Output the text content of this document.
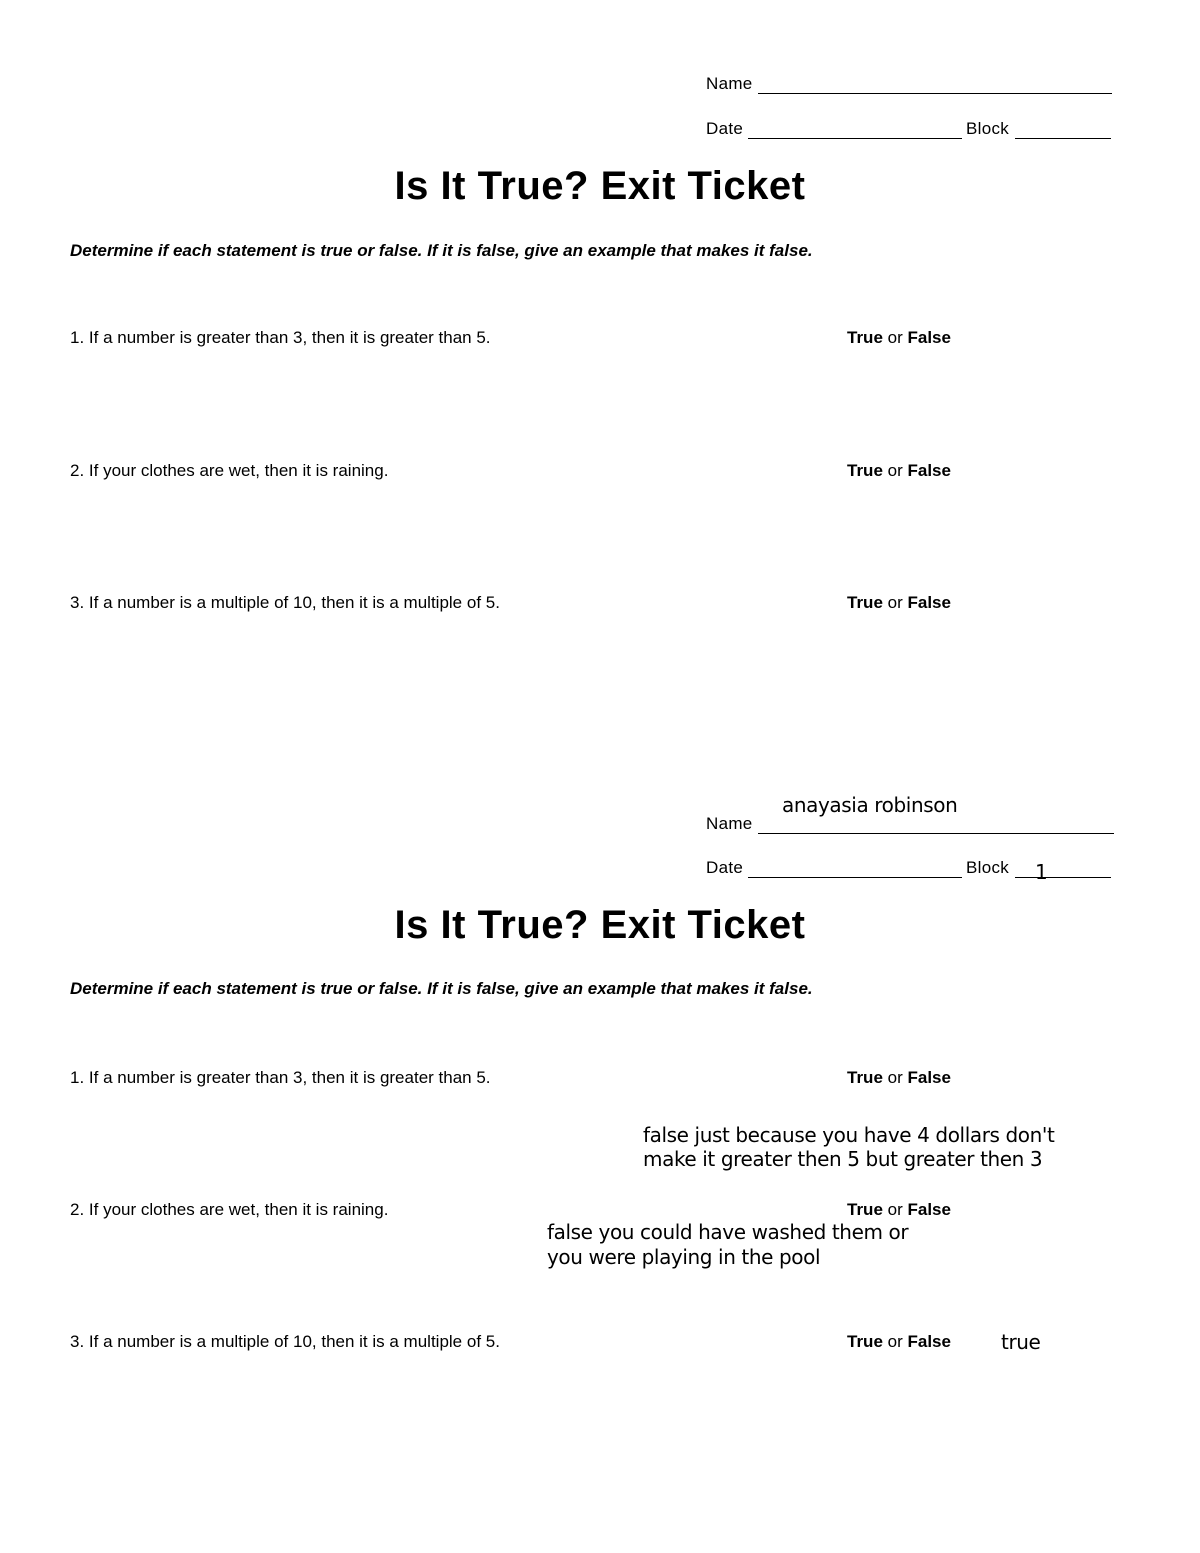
Name
Date	Block
Is It True? Exit Ticket
Determine if each statement is true or false. If it is false, give an example that makes it false.
1. If a number is greater than 3, then it is greater than 5.	True or False
2. If your clothes are wet, then it is raining.	True or False
3. If a number is a multiple of 10, then it is a multiple of 5.	True or False
anayasia robinson
Name
Date	Block 1
Is It True? Exit Ticket
Determine if each statement is true or false. If it is false, give an example that makes it false.
1. If a number is greater than 3, then it is greater than 5.	True or False
false just because you have 4 dollars don't
make it greater then 5 but greater then 3
2. If your clothes are wet, then it is raining.	True or False
false you could have washed them or
you were playing in the pool
3. If a number is a multiple of 10, then it is a multiple of 5.	True or False	true
